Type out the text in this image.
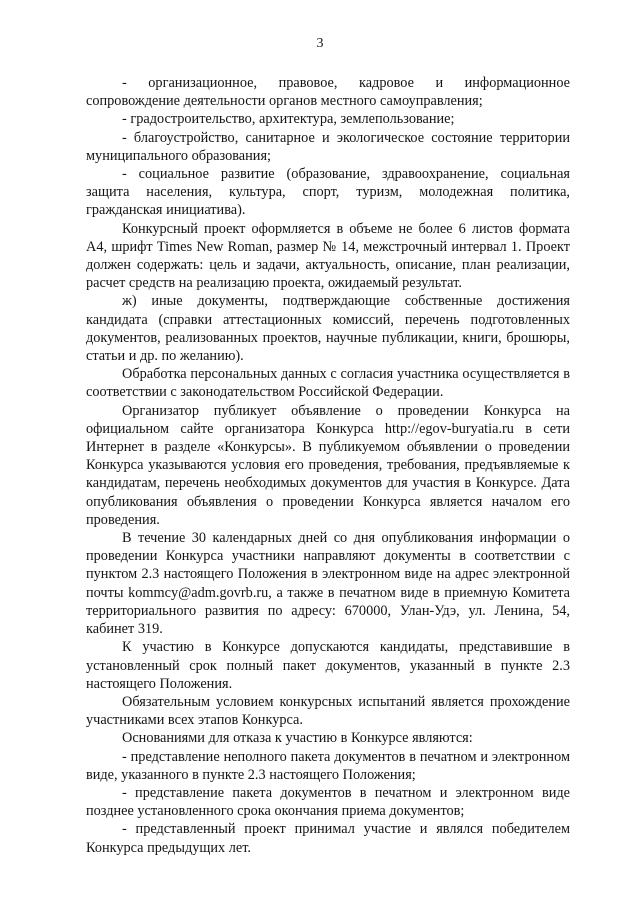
3

- организационное, правовое, кадровое и информационное сопровождение деятельности органов местного самоуправления;

- градостроительство, архитектура, землепользование;

- благоустройство, санитарное и экологическое состояние территории муниципального образования;

- социальное развитие (образование, здравоохранение, социальная защита населения, культура, спорт, туризм, молодежная политика, гражданская инициатива).

Конкурсный проект оформляется в объеме не более 6 листов формата А4, шрифт Times New Roman, размер № 14, межстрочный интервал 1. Проект должен содержать: цель и задачи, актуальность, описание, план реализации, расчет средств на реализацию проекта, ожидаемый результат.

ж) иные документы, подтверждающие собственные достижения кандидата (справки аттестационных комиссий, перечень подготовленных документов, реализованных проектов, научные публикации, книги, брошюры, статьи и др. по желанию).

Обработка персональных данных с согласия участника осуществляется в соответствии с законодательством Российской Федерации.

Организатор публикует объявление о проведении Конкурса на официальном сайте организатора Конкурса http://egov-buryatia.ru в сети Интернет в разделе «Конкурсы». В публикуемом объявлении о проведении Конкурса указываются условия его проведения, требования, предъявляемые к кандидатам, перечень необходимых документов для участия в Конкурсе. Дата опубликования объявления о проведении Конкурса является началом его проведения.

В течение 30 календарных дней со дня опубликования информации о проведении Конкурса участники направляют документы в соответствии с пунктом 2.3 настоящего Положения в электронном виде на адрес электронной почты kommcy@adm.govrb.ru, а также в печатном виде в приемную Комитета территориального развития по адресу: 670000, Улан-Удэ, ул. Ленина, 54, кабинет 319.

К участию в Конкурсе допускаются кандидаты, представившие в установленный срок полный пакет документов, указанный в пункте 2.3 настоящего Положения.

Обязательным условием конкурсных испытаний является прохождение участниками всех этапов Конкурса.

Основаниями для отказа к участию в Конкурсе являются:

- представление неполного пакета документов в печатном и электронном виде, указанного в пункте 2.3 настоящего Положения;

- представление пакета документов в печатном и электронном виде позднее установленного срока окончания приема документов;

- представленный проект принимал участие и являлся победителем Конкурса предыдущих лет.
